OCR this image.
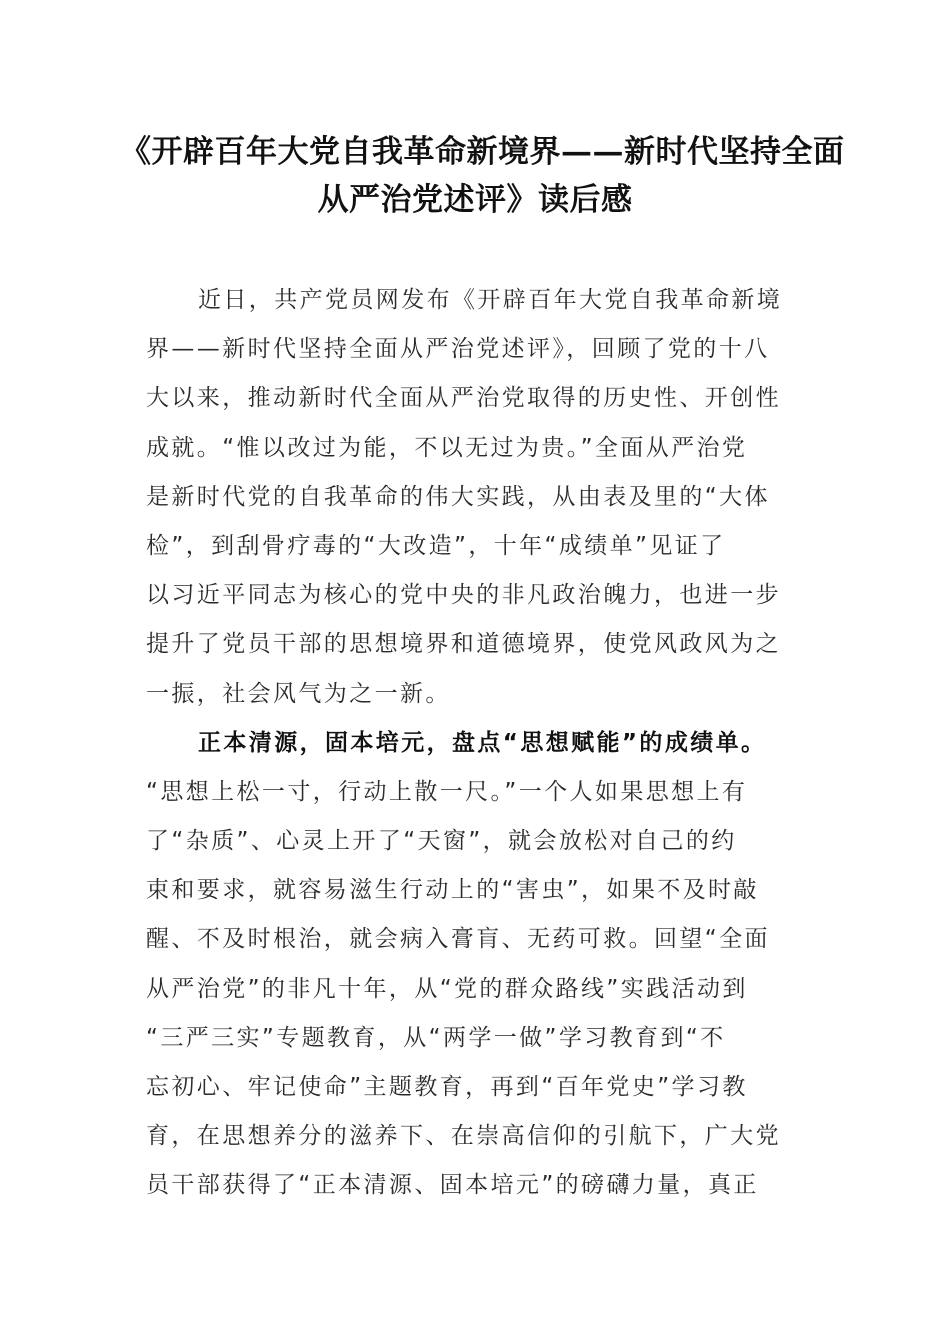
《开辟百年大党自我革命新境界——新时代坚持全面
从严治党述评》读后感
近日，共产党员网发布《开辟百年大党自我革命新境
界——新时代坚持全面从严治党述评》，回顾了党的十八
大以来，推动新时代全面从严治党取得的历史性、开创性
成就。“惟以改过为能，不以无过为贵。”全面从严治党
是新时代党的自我革命的伟大实践，从由表及里的“大体
检”，到刮骨疗毒的“大改造”，十年“成绩单”见证了
以习近平同志为核心的党中央的非凡政治魄力，也进一步
提升了党员干部的思想境界和道德境界，使党风政风为之
一振，社会风气为之一新。
正本清源，固本培元，盘点“思想赋能”的成绩单。
“思想上松一寸，行动上散一尺。”一个人如果思想上有
了“杂质”、心灵上开了“天窗”，就会放松对自己的约
束和要求，就容易滋生行动上的“害虫”，如果不及时敲
醒、不及时根治，就会病入膏肓、无药可救。回望“全面
从严治党”的非凡十年，从“党的群众路线”实践活动到
“三严三实”专题教育，从“两学一做”学习教育到“不
忘初心、牢记使命”主题教育，再到“百年党史”学习教
育，在思想养分的滋养下、在崇高信仰的引航下，广大党
员干部获得了“正本清源、固本培元”的磅礴力量，真正
